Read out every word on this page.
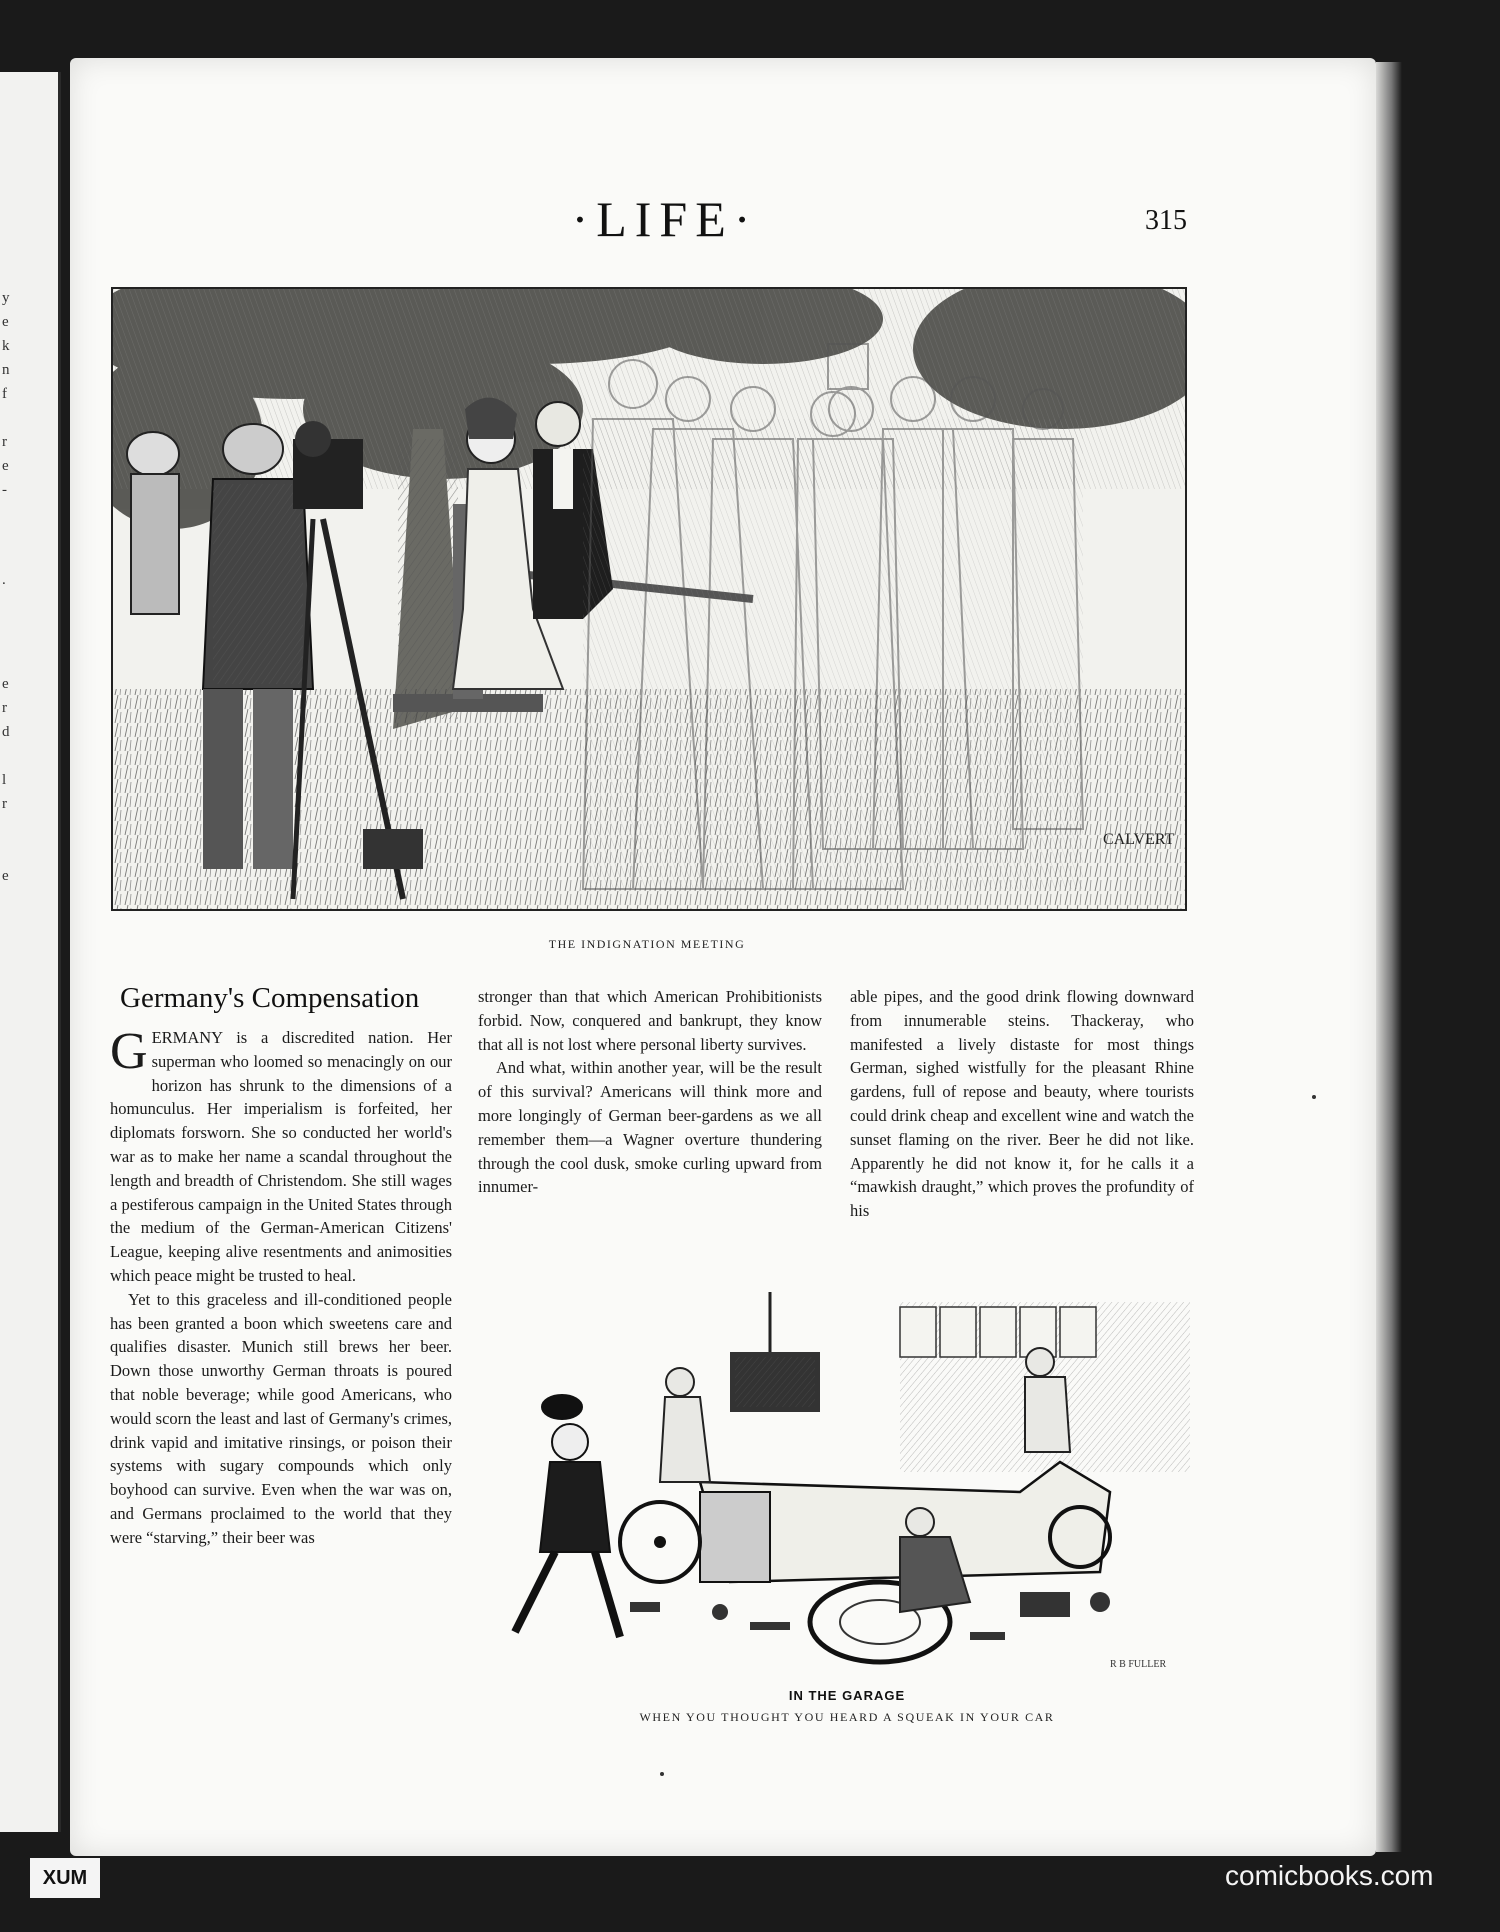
y
e
k
n
f
r
e
-
.
e
r
d
l
r
e
·LIFE·	315
CALVERT
THE INDIGNATION MEETING
Germany's Compensation

GERMANY is a discredited nation. Her superman who loomed so menacingly on our horizon has shrunk to the dimensions of a homunculus. Her imperialism is forfeited, her diplomats forsworn. She so conducted her world's war as to make her name a scandal throughout the length and breadth of Christendom. She still wages a pestiferous campaign in the United States through the medium of the German-American Citizens' League, keeping alive resentments and animosities which peace might be trusted to heal.

Yet to this graceless and ill-conditioned people has been granted a boon which sweetens care and qualifies disaster. Munich still brews her beer. Down those unworthy German throats is poured that noble beverage; while good Americans, who would scorn the least and last of Germany's crimes, drink vapid and imitative rinsings, or poison their systems with sugary compounds which only boyhood can survive. Even when the war was on, and Germans proclaimed to the world that they were “starving,” their beer was

stronger than that which American Prohibitionists forbid. Now, conquered and bankrupt, they know that all is not lost where personal liberty survives.

And what, within another year, will be the result of this survival? Americans will think more and more longingly of German beer-gardens as we all remember them—a Wagner overture thundering through the cool dusk, smoke curling upward from innumer-

able pipes, and the good drink flowing downward from innumerable steins. Thackeray, who manifested a lively distaste for most things German, sighed wistfully for the pleasant Rhine gardens, full of repose and beauty, where tourists could drink cheap and excellent wine and watch the sunset flaming on the river. Beer he did not like. Apparently he did not know it, for he calls it a “mawkish draught,” which proves the profundity of his

R B FULLER
IN THE GARAGE
WHEN YOU THOUGHT YOU HEARD A SQUEAK IN YOUR CAR
XUM	comicbooks.com
